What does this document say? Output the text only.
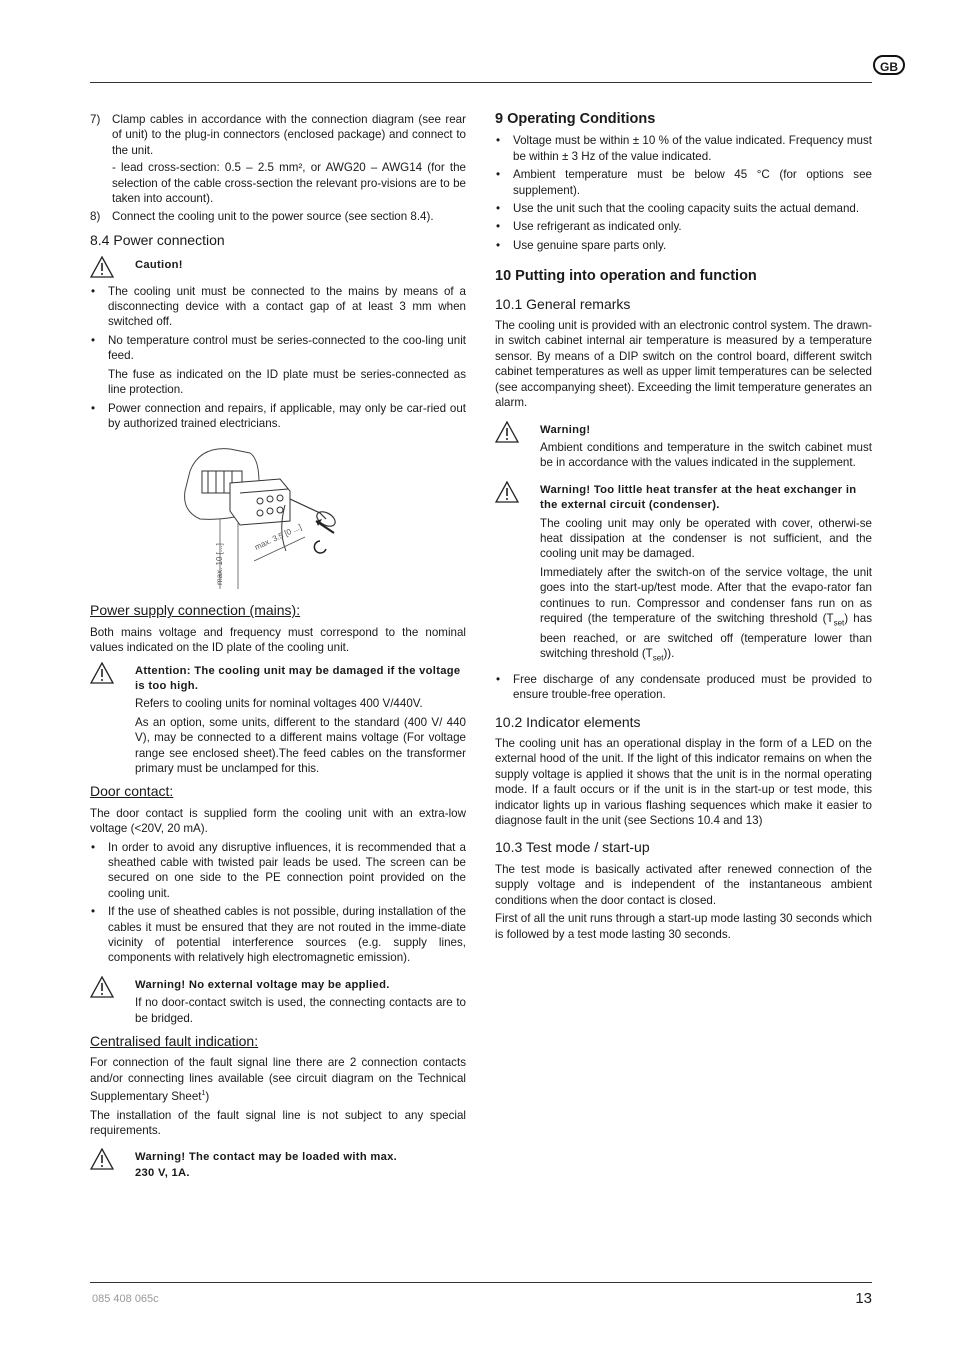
GB
7)	Clamp cables in accordance with the connection diagram (see rear of unit) to the plug-in connectors (enclosed package) and connect to the unit.
- lead cross-section: 0.5 – 2.5 mm², or AWG20 – AWG14 (for the selection of the cable cross-section the relevant pro-visions are to be taken into account).
8)	Connect the cooling unit to the power source (see section 8.4).
8.4 Power connection
Caution!
• The cooling unit must be connected to the mains by means of a disconnecting device with a contact gap of at least 3 mm when switched off.
• No temperature control must be series-connected to the coo-ling unit feed.
The fuse as indicated on the ID plate must be series-connected as line protection.
• Power connection and repairs, if applicable, may only be car-ried out by authorized trained electricians.
max. 3.5 [0 ...]
max. 10 [...]
Power supply connection (mains):

Both mains voltage and frequency must correspond to the nominal values indicated on the ID plate of the cooling unit.

Attention: The cooling unit may be damaged if the voltage is too high.

Refers to cooling units for nominal voltages 400 V/440V.

As an option, some units, different to the standard (400 V/ 440 V), may be connected to a different mains voltage (For voltage range see enclosed sheet).The feed cables on the transformer primary must be unclamped for this.

Door contact:

The door contact is supplied form the cooling unit with an extra-low voltage (<20V, 20 mA).

• In order to avoid any disruptive influences, it is recommended that a sheathed cable with twisted pair leads be used. The screen can be secured on one side to the PE connection point provided on the cooling unit.
• If the use of sheathed cables is not possible, during installation of the cables it must be ensured that they are not routed in the imme-diate vicinity of potential interference sources (e.g. supply lines, components with relatively high electromagnetic emission).
Warning! No external voltage may be applied.

If no door-contact switch is used, the connecting contacts are to be bridged.

Centralised fault indication:

For connection of the fault signal line there are 2 connection contacts and/or connecting lines available (see circuit diagram on the Technical Supplementary Sheet$^1$)

The installation of the fault signal line is not subject to any special requirements.

Warning! The contact may be loaded with max. 230 V, 1A.
9 Operating Conditions
• Voltage must be within ± 10 % of the value indicated. Frequency must be within ± 3 Hz of the value indicated.
• Ambient temperature must be below 45 °C (for options see supplement).
• Use the unit such that the cooling capacity suits the actual demand.
• Use refrigerant as indicated only.
• Use genuine spare parts only.
10 Putting into operation and function
10.1 General remarks

The cooling unit is provided with an electronic control system. The drawn-in switch cabinet internal air temperature is measured by a temperature sensor. By means of a DIP switch on the control board, different switch cabinet temperatures as well as upper limit temperatures can be selected (see accompanying sheet). Exceeding the limit temperature generates an alarm.

Warning!

Ambient conditions and temperature in the switch cabinet must be in accordance with the values indicated in the supplement.

Warning! Too little heat transfer at the heat exchanger in the external circuit (condenser).

The cooling unit may only be operated with cover, otherwi-se heat dissipation at the condenser is not sufficient, and the cooling unit may be damaged.

Immediately after the switch-on of the service voltage, the unit goes into the start-up/test mode. After that the evapo-rator fan continues to run. Compressor and condenser fans run on as required (the temperature of the switching threshold $(T_{set})$ has been reached, or are switched off (temperature lower than switching threshold $(T_{set})$).

• Free discharge of any condensate produced must be provided to ensure trouble-free operation.
10.2 Indicator elements

The cooling unit has an operational display in the form of a LED on the external hood of the unit. If the light of this indicator remains on when the supply voltage is applied it shows that the unit is in the normal operating mode. If a fault occurs or if the unit is in the start-up or test mode, this indicator lights up in various flashing sequences which make it easier to diagnose fault in the unit (see Sections 10.4 and 13)

10.3 Test mode / start-up

The test mode is basically activated after renewed connection of the supply voltage and is independent of the instantaneous ambient conditions when the door contact is closed.

First of all the unit runs through a start-up mode lasting 30 seconds which is followed by a test mode lasting 30 seconds.

085 408 065c	13
